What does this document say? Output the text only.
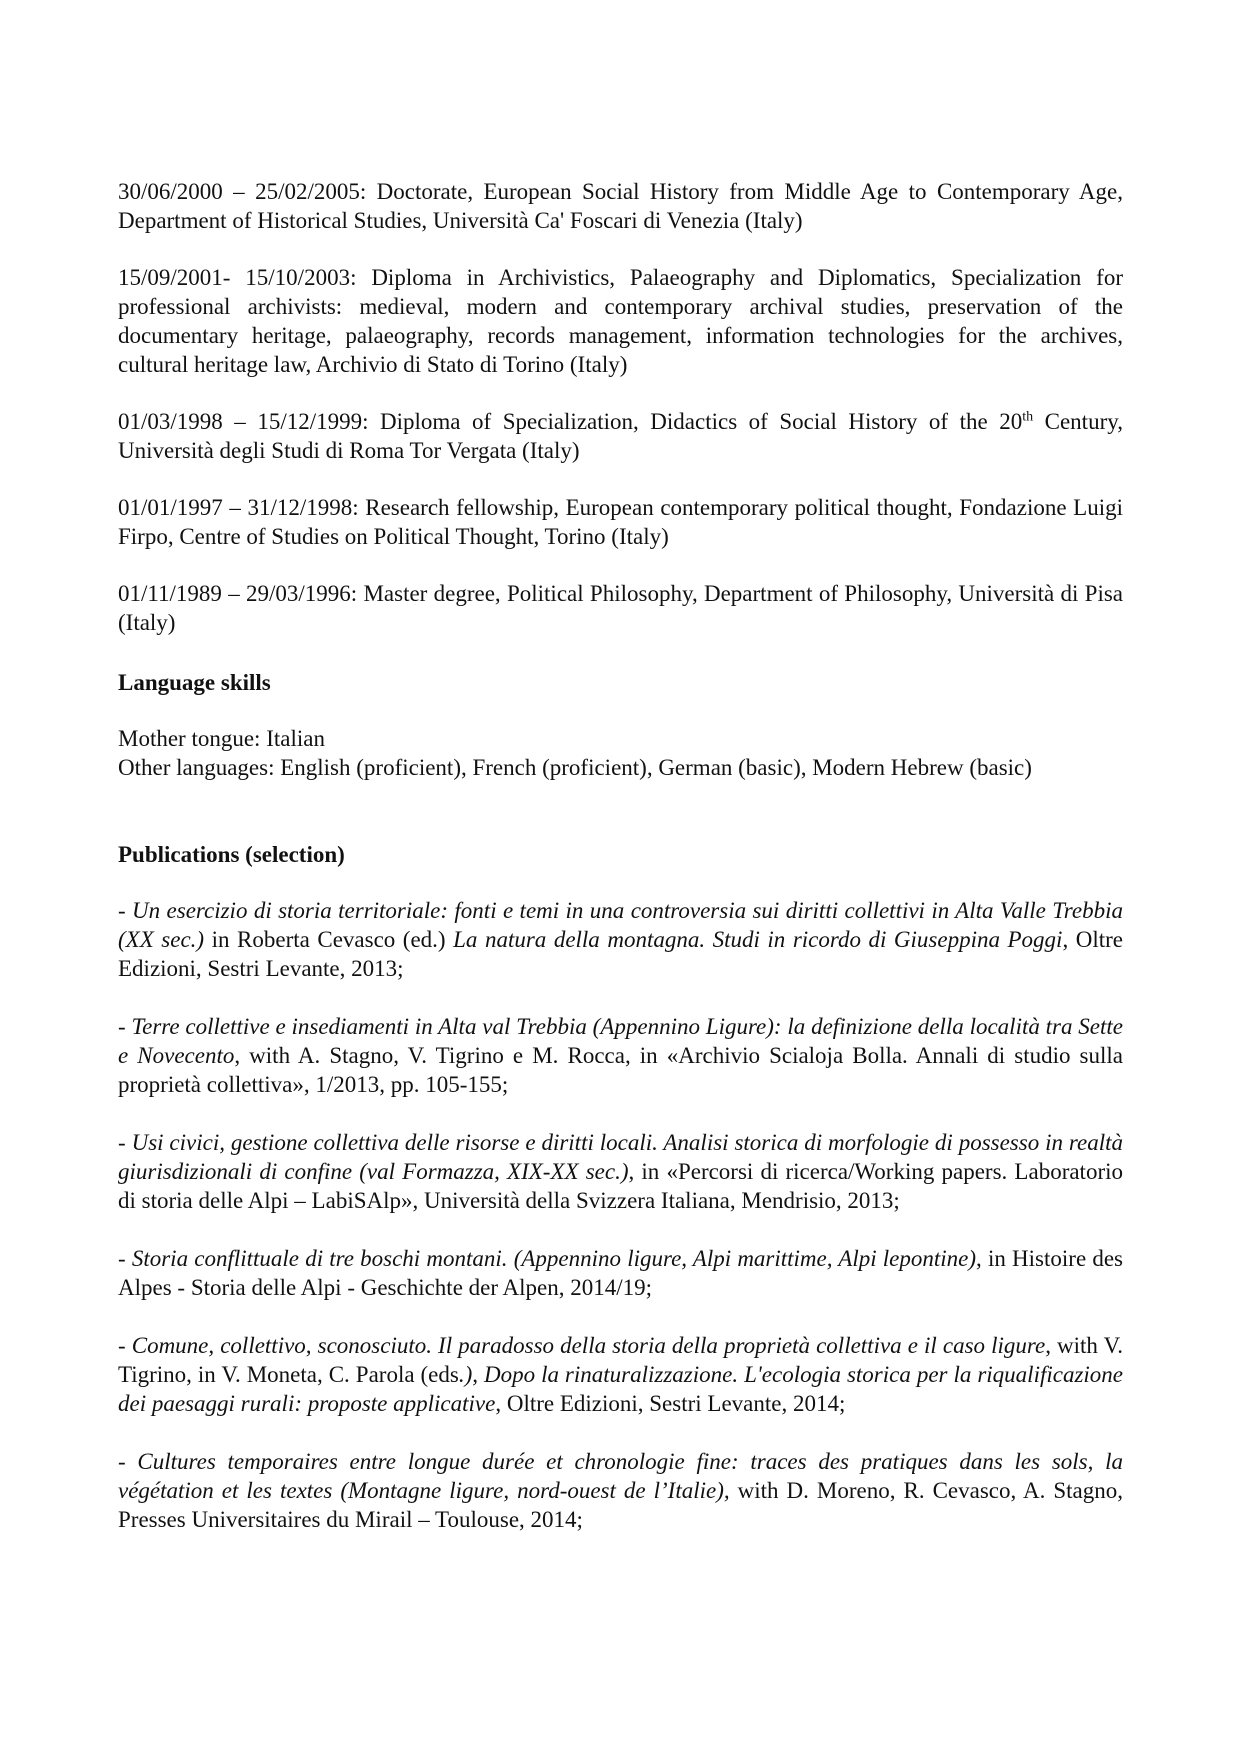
30/06/2000 – 25/02/2005: Doctorate, European Social History from Middle Age to Contemporary Age, Department of Historical Studies, Università Ca' Foscari di Venezia (Italy)

15/09/2001- 15/10/2003: Diploma in Archivistics, Palaeography and Diplomatics, Specialization for professional archivists: medieval, modern and contemporary archival studies, preservation of the documentary heritage, palaeography, records management, information technologies for the archives, cultural heritage law, Archivio di Stato di Torino (Italy)

01/03/1998 – 15/12/1999: Diploma of Specialization, Didactics of Social History of the 20th Century, Università degli Studi di Roma Tor Vergata (Italy)

01/01/1997 – 31/12/1998: Research fellowship, European contemporary political thought, Fondazione Luigi Firpo, Centre of Studies on Political Thought, Torino (Italy)

01/11/1989 – 29/03/1996: Master degree, Political Philosophy, Department of Philosophy, Università di Pisa (Italy)

Language skills

Mother tongue: Italian

Other languages: English (proficient), French (proficient), German (basic), Modern Hebrew (basic)

Publications (selection)

- Un esercizio di storia territoriale: fonti e temi in una controversia sui diritti collettivi in Alta Valle Trebbia (XX sec.) in Roberta Cevasco (ed.) La natura della montagna. Studi in ricordo di Giuseppina Poggi, Oltre Edizioni, Sestri Levante, 2013;

- Terre collettive e insediamenti in Alta val Trebbia (Appennino Ligure): la definizione della località tra Sette e Novecento, with A. Stagno, V. Tigrino e M. Rocca, in «Archivio Scialoja Bolla. Annali di studio sulla proprietà collettiva», 1/2013, pp. 105-155;

- Usi civici, gestione collettiva delle risorse e diritti locali. Analisi storica di morfologie di possesso in realtà giurisdizionali di confine (val Formazza, XIX-XX sec.), in «Percorsi di ricerca/Working papers. Laboratorio di storia delle Alpi – LabiSAlp», Università della Svizzera Italiana, Mendrisio, 2013;

- Storia conflittuale di tre boschi montani. (Appennino ligure, Alpi marittime, Alpi lepontine), in Histoire des Alpes - Storia delle Alpi - Geschichte der Alpen, 2014/19;

- Comune, collettivo, sconosciuto. Il paradosso della storia della proprietà collettiva e il caso ligure, with V. Tigrino, in V. Moneta, C. Parola (eds.), Dopo la rinaturalizzazione. L'ecologia storica per la riqualificazione dei paesaggi rurali: proposte applicative, Oltre Edizioni, Sestri Levante, 2014;

- Cultures temporaires entre longue durée et chronologie fine: traces des pratiques dans les sols, la végétation et les textes (Montagne ligure, nord-ouest de l’Italie), with D. Moreno, R. Cevasco, A. Stagno, Presses Universitaires du Mirail – Toulouse, 2014;
